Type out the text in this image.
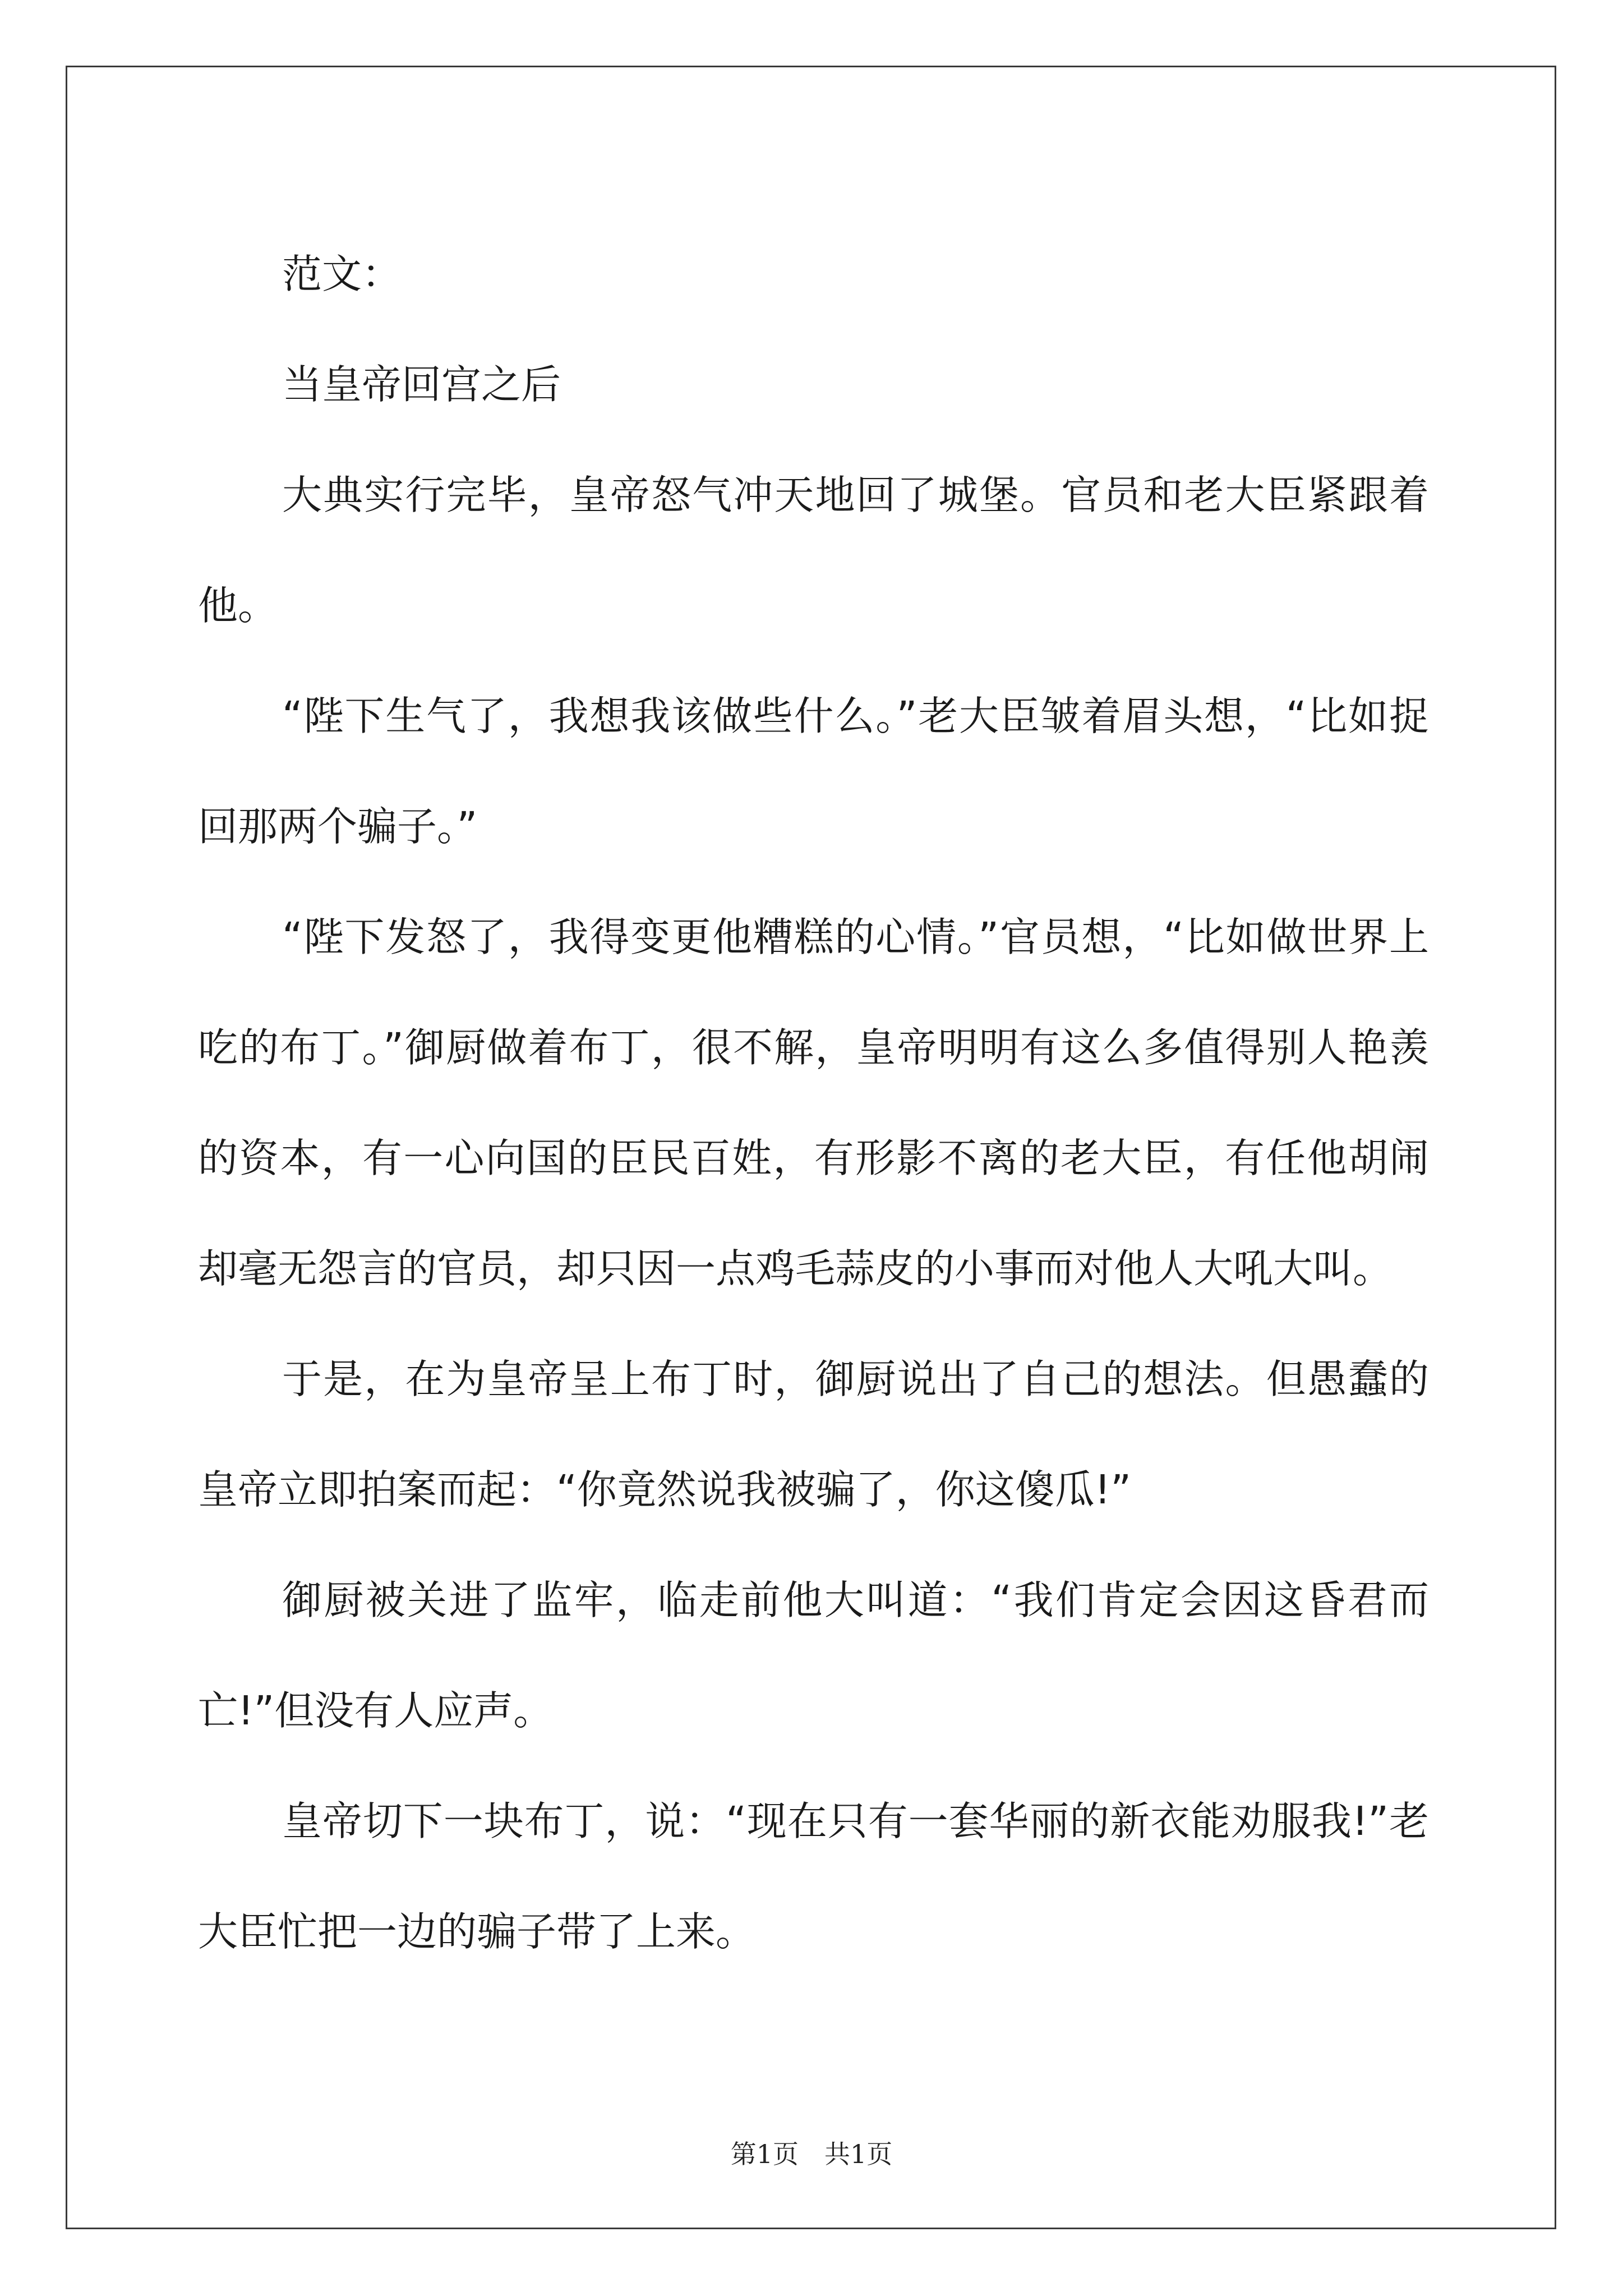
范文：

当皇帝回宫之后

大典实行完毕，皇帝怒气冲天地回了城堡。官员和老大臣紧跟着他。

“陛下生气了，我想我该做些什么。”老大臣皱着眉头想，“比如捉回那两个骗子。”

“陛下发怒了，我得变更他糟糕的心情。”官员想，“比如做世界上吃的布丁。”御厨做着布丁，很不解，皇帝明明有这么多值得别人艳羡的资本，有一心向国的臣民百姓，有形影不离的老大臣，有任他胡闹却毫无怨言的官员，却只因一点鸡毛蒜皮的小事而对他人大吼大叫。

于是，在为皇帝呈上布丁时，御厨说出了自己的想法。但愚蠢的皇帝立即拍案而起：“你竟然说我被骗了，你这傻瓜!”

御厨被关进了监牢，临走前他大叫道：“我们肯定会因这昏君而亡!”但没有人应声。

皇帝切下一块布丁，说：“现在只有一套华丽的新衣能劝服我!”老大臣忙把一边的骗子带了上来。

第1页 共1页
